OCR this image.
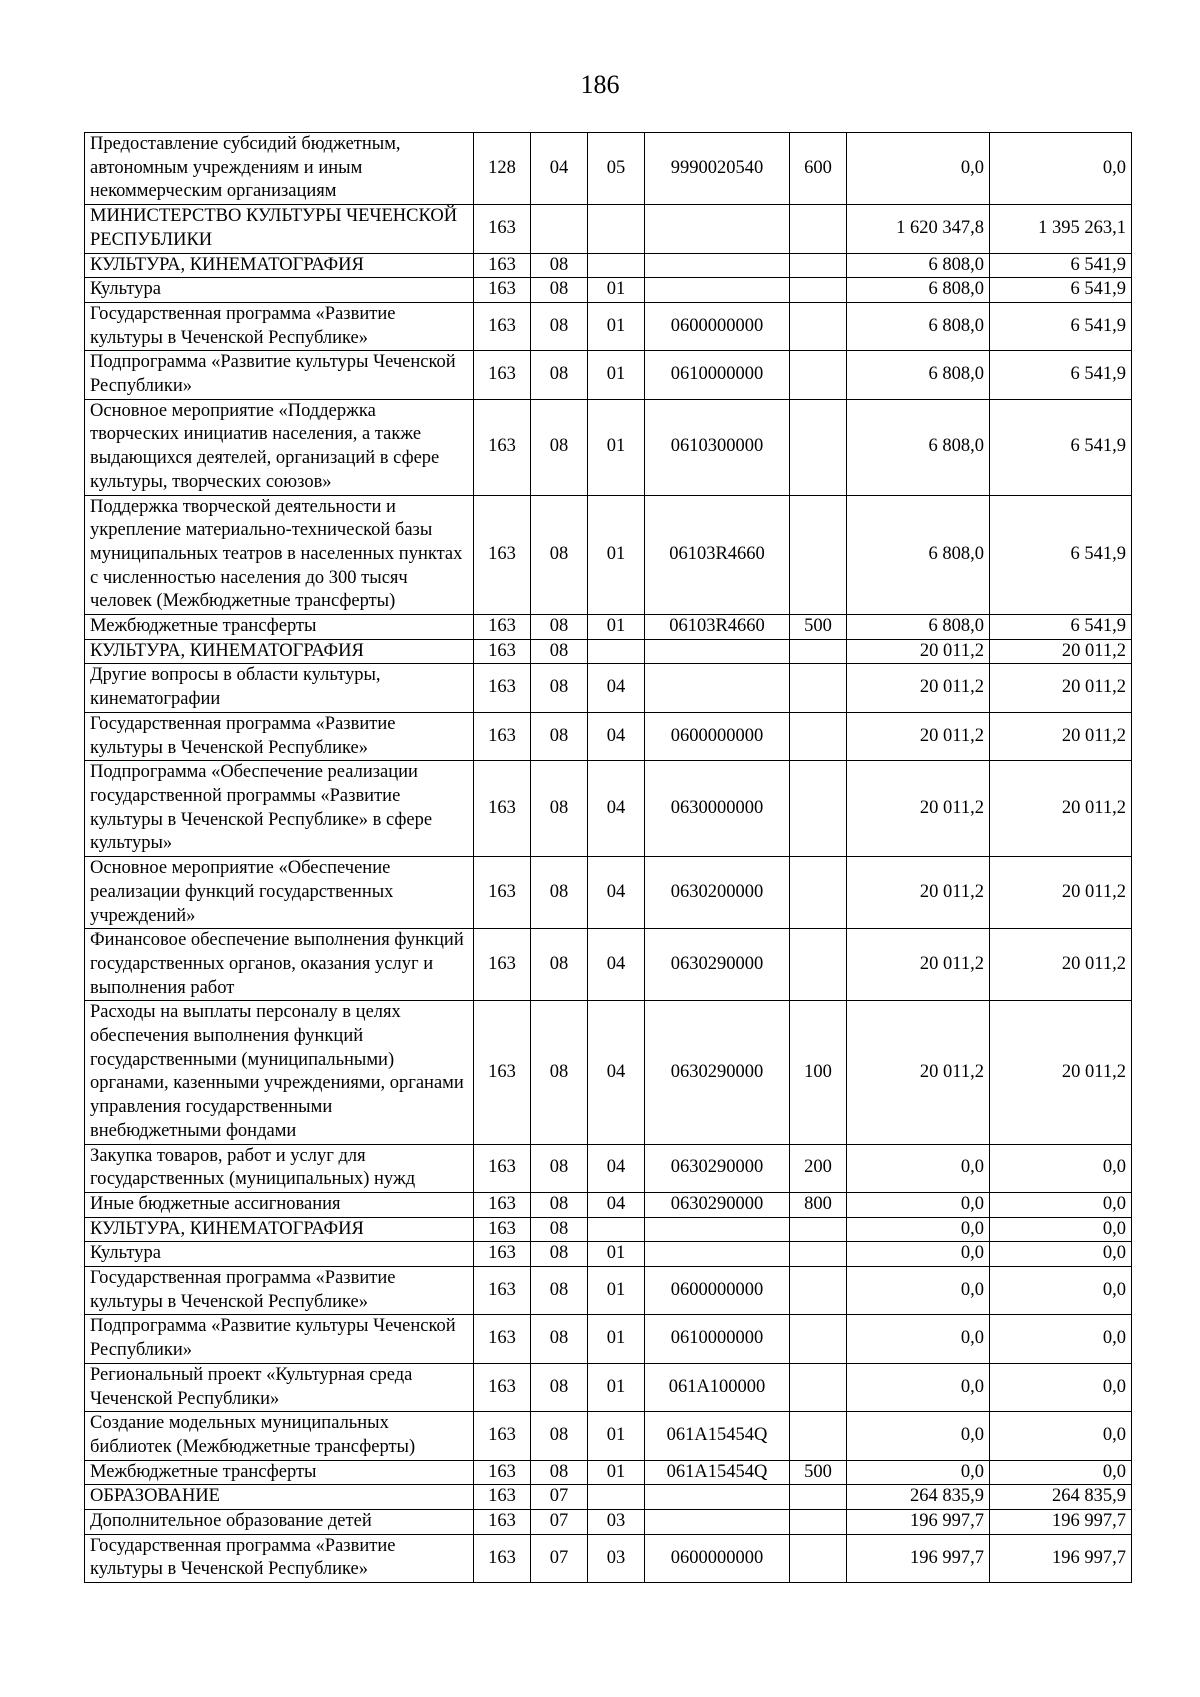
186
Предоставление субсидий бюджетным, автономным учреждениям и иным некоммерческим организациям	128	04	05	9990020540	600	0,0	0,0
МИНИСТЕРСТВО КУЛЬТУРЫ ЧЕЧЕНСКОЙ РЕСПУБЛИКИ	163					1 620 347,8	1 395 263,1
КУЛЬТУРА, КИНЕМАТОГРАФИЯ	163	08				6 808,0	6 541,9
Культура	163	08	01			6 808,0	6 541,9
Государственная программа «Развитие культуры в Чеченской Республике»	163	08	01	0600000000		6 808,0	6 541,9
Подпрограмма «Развитие культуры Чеченской Республики»	163	08	01	0610000000		6 808,0	6 541,9
Основное мероприятие «Поддержка творческих инициатив населения, а также выдающихся деятелей, организаций в сфере культуры, творческих союзов»	163	08	01	0610300000		6 808,0	6 541,9
Поддержка творческой деятельности и укрепление материально-технической базы муниципальных театров в населенных пунктах с численностью населения до 300 тысяч человек (Межбюджетные трансферты)	163	08	01	06103R4660		6 808,0	6 541,9
Межбюджетные трансферты	163	08	01	06103R4660	500	6 808,0	6 541,9
КУЛЬТУРА, КИНЕМАТОГРАФИЯ	163	08				20 011,2	20 011,2
Другие вопросы в области культуры, кинематографии	163	08	04			20 011,2	20 011,2
Государственная программа «Развитие культуры в Чеченской Республике»	163	08	04	0600000000		20 011,2	20 011,2
Подпрограмма «Обеспечение реализации государственной программы «Развитие культуры в Чеченской Республике» в сфере культуры»	163	08	04	0630000000		20 011,2	20 011,2
Основное мероприятие «Обеспечение реализации функций государственных учреждений»	163	08	04	0630200000		20 011,2	20 011,2
Финансовое обеспечение выполнения функций государственных органов, оказания услуг и выполнения работ	163	08	04	0630290000		20 011,2	20 011,2
Расходы на выплаты персоналу в целях обеспечения выполнения функций государственными (муниципальными) органами, казенными учреждениями, органами управления государственными внебюджетными фондами	163	08	04	0630290000	100	20 011,2	20 011,2
Закупка товаров, работ и услуг для государственных (муниципальных) нужд	163	08	04	0630290000	200	0,0	0,0
Иные бюджетные ассигнования	163	08	04	0630290000	800	0,0	0,0
КУЛЬТУРА, КИНЕМАТОГРАФИЯ	163	08				0,0	0,0
Культура	163	08	01			0,0	0,0
Государственная программа «Развитие культуры в Чеченской Республике»	163	08	01	0600000000		0,0	0,0
Подпрограмма «Развитие культуры Чеченской Республики»	163	08	01	0610000000		0,0	0,0
Региональный проект «Культурная среда Чеченской Республики»	163	08	01	061A100000		0,0	0,0
Создание модельных муниципальных библиотек (Межбюджетные трансферты)	163	08	01	061A15454Q		0,0	0,0
Межбюджетные трансферты	163	08	01	061A15454Q	500	0,0	0,0
ОБРАЗОВАНИЕ	163	07				264 835,9	264 835,9
Дополнительное образование детей	163	07	03			196 997,7	196 997,7
Государственная программа «Развитие культуры в Чеченской Республике»	163	07	03	0600000000		196 997,7	196 997,7
